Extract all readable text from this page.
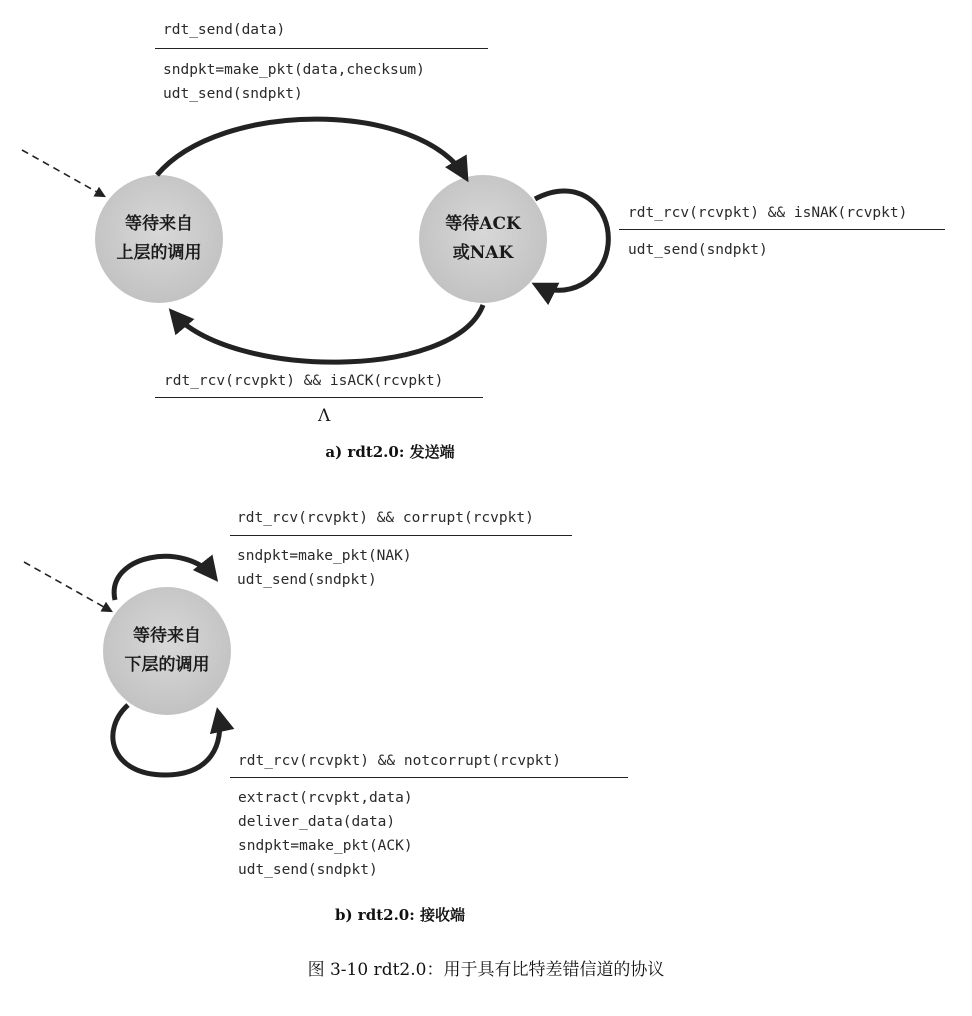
等待来自
上层的调用
等待ACK
或NAK
rdt_send(data)
sndpkt=make_pkt(data,checksum)
udt_send(sndpkt)
rdt_rcv(rcvpkt) && isNAK(rcvpkt)
udt_send(sndpkt)
rdt_rcv(rcvpkt) && isACK(rcvpkt)
Λ
a) rdt2.0: 发送端
等待来自
下层的调用
rdt_rcv(rcvpkt) && corrupt(rcvpkt)
sndpkt=make_pkt(NAK)
udt_send(sndpkt)
rdt_rcv(rcvpkt) && notcorrupt(rcvpkt)
extract(rcvpkt,data)
deliver_data(data)
sndpkt=make_pkt(ACK)
udt_send(sndpkt)
b) rdt2.0: 接收端
图 3-10 rdt2.0：用于具有比特差错信道的协议
